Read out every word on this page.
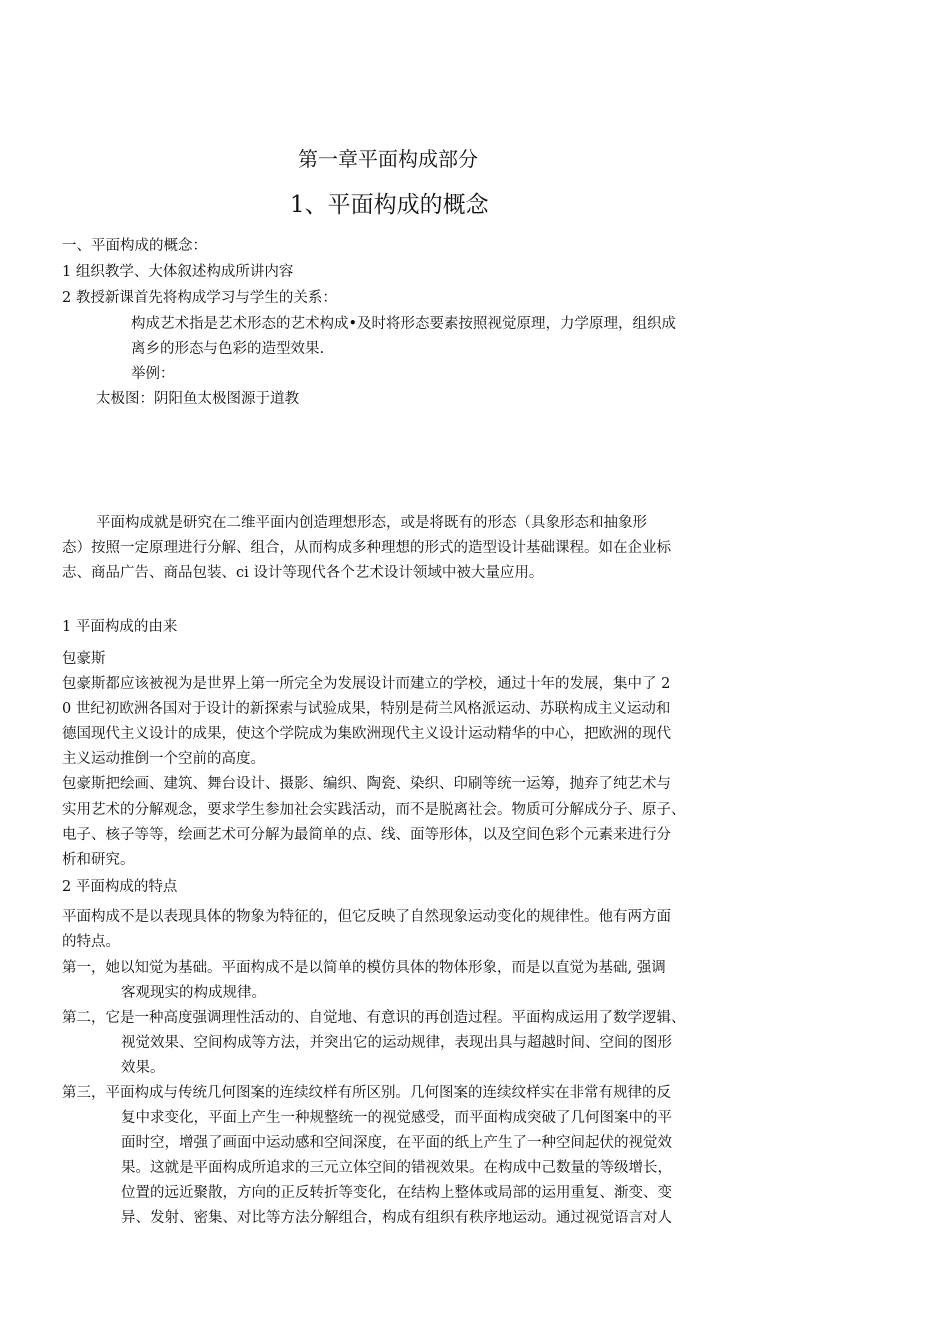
第一章平面构成部分
1、平面构成的概念
一、平面构成的概念：
1 组织教学、大体叙述构成所讲内容
2 教授新课首先将构成学习与学生的关系：
构成艺术指是艺术形态的艺术构成•及时将形态要素按照视觉原理，力学原理，组织成
离乡的形态与色彩的造型效果.
举例：
太极图：阴阳鱼太极图源于道教
平面构成就是研究在二维平面内创造理想形态，或是将既有的形态（具象形态和抽象形
态）按照一定原理进行分解、组合，从而构成多种理想的形式的造型设计基础课程。如在企业标
志、商品广告、商品包装、ci 设计等现代各个艺术设计领域中被大量应用。
1 平面构成的由来
包豪斯
包豪斯都应该被视为是世界上第一所完全为发展设计而建立的学校，通过十年的发展，集中了 2
0 世纪初欧洲各国对于设计的新探索与试验成果，特别是荷兰风格派运动、苏联构成主义运动和
德国现代主义设计的成果，使这个学院成为集欧洲现代主义设计运动精华的中心，把欧洲的现代
主义运动推倒一个空前的高度。
包豪斯把绘画、建筑、舞台设计、摄影、编织、陶瓷、染织、印刷等统一运筹，抛弃了纯艺术与
实用艺术的分解观念，要求学生参加社会实践活动，而不是脱离社会。物质可分解成分子、原子、
电子、核子等等，绘画艺术可分解为最简单的点、线、面等形体，以及空间色彩个元素来进行分
析和研究。
2 平面构成的特点
平面构成不是以表现具体的物象为特征的，但它反映了自然现象运动变化的规律性。他有两方面
的特点。
第一，她以知觉为基础。平面构成不是以简单的模仿具体的物体形象，而是以直觉为基础, 强调
客观现实的构成规律。
第二，它是一种高度强调理性活动的、自觉地、有意识的再创造过程。平面构成运用了数学逻辑、
视觉效果、空间构成等方法，并突出它的运动规律，表现出具与超越时间、空间的图形
效果。
第三，平面构成与传统几何图案的连续纹样有所区别。几何图案的连续纹样实在非常有规律的反
复中求变化，平面上产生一种规整统一的视觉感受，而平面构成突破了几何图案中的平
面时空，增强了画面中运动感和空间深度，在平面的纸上产生了一种空间起伏的视觉效
果。这就是平面构成所追求的三元立体空间的错视效果。在构成中己数量的等级增长，
位置的远近聚散，方向的正反转折等变化，在结构上整体或局部的运用重复、渐变、变
异、发射、密集、对比等方法分解组合，构成有组织有秩序地运动。通过视觉语言对人
